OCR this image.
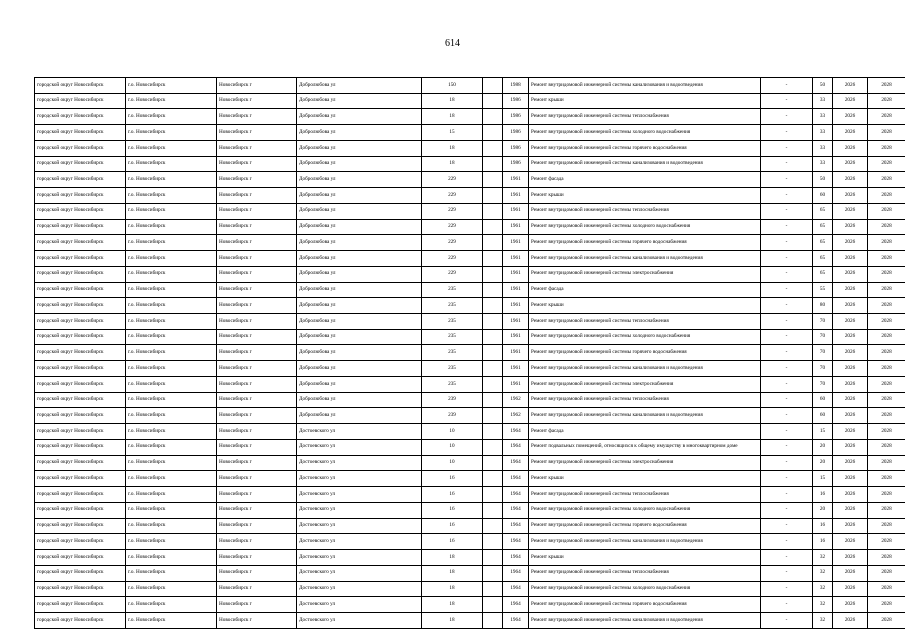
614
городской округ Новосибирск	г.о. Новосибирск	Новосибирск г	Добролюбова ул	150		1988	Ремонт внутридомовой инженерной системы канализования и водоотведения	-	50	2026	2028
городской округ Новосибирск	г.о. Новосибирск	Новосибирск г	Добролюбова ул	18		1986	Ремонт крыши	-	33	2026	2028
городской округ Новосибирск	г.о. Новосибирск	Новосибирск г	Добролюбова ул	18		1986	Ремонт внутридомовой инженерной системы теплоснабжения	-	33	2026	2028
городской округ Новосибирск	г.о. Новосибирск	Новосибирск г	Добролюбова ул	15		1986	Ремонт внутридомовой инженерной системы холодного водоснабжения	-	33	2026	2028
городской округ Новосибирск	г.о. Новосибирск	Новосибирск г	Добролюбова ул	18		1986	Ремонт внутридомовой инженерной системы горячего водоснабжения	-	33	2026	2028
городской округ Новосибирск	г.о. Новосибирск	Новосибирск г	Добролюбова ул	18		1986	Ремонт внутридомовой инженерной системы канализования и водоотведения	-	33	2026	2028
городской округ Новосибирск	г.о. Новосибирск	Новосибирск г	Добролюбова ул	229		1961	Ремонт фасада	-	50	2026	2028
городской округ Новосибирск	г.о. Новосибирск	Новосибирск г	Добролюбова ул	229		1961	Ремонт крыши	-	60	2026	2028
городской округ Новосибирск	г.о. Новосибирск	Новосибирск г	Добролюбова ул	229		1961	Ремонт внутридомовой инженерной системы теплоснабжения	-	65	2026	2028
городской округ Новосибирск	г.о. Новосибирск	Новосибирск г	Добролюбова ул	229		1961	Ремонт внутридомовой инженерной системы холодного водоснабжения	-	65	2026	2028
городской округ Новосибирск	г.о. Новосибирск	Новосибирск г	Добролюбова ул	229		1961	Ремонт внутридомовой инженерной системы горячего водоснабжения	-	65	2026	2028
городской округ Новосибирск	г.о. Новосибирск	Новосибирск г	Добролюбова ул	229		1961	Ремонт внутридомовой инженерной системы канализования и водоотведения	-	65	2026	2028
городской округ Новосибирск	г.о. Новосибирск	Новосибирск г	Добролюбова ул	229		1961	Ремонт внутридомовой инженерной системы электроснабжения	-	65	2026	2028
городской округ Новосибирск	г.о. Новосибирск	Новосибирск г	Добролюбова ул	235		1961	Ремонт фасада	-	55	2026	2028
городской округ Новосибирск	г.о. Новосибирск	Новосибирск г	Добролюбова ул	235		1961	Ремонт крыши	-	80	2026	2028
городской округ Новосибирск	г.о. Новосибирск	Новосибирск г	Добролюбова ул	235		1961	Ремонт внутридомовой инженерной системы теплоснабжения	-	70	2026	2028
городской округ Новосибирск	г.о. Новосибирск	Новосибирск г	Добролюбова ул	235		1961	Ремонт внутридомовой инженерной системы холодного водоснабжения	-	70	2026	2028
городской округ Новосибирск	г.о. Новосибирск	Новосибирск г	Добролюбова ул	235		1961	Ремонт внутридомовой инженерной системы горячего водоснабжения	-	70	2026	2028
городской округ Новосибирск	г.о. Новосибирск	Новосибирск г	Добролюбова ул	235		1961	Ремонт внутридомовой инженерной системы канализования и водоотведения	-	70	2026	2028
городской округ Новосибирск	г.о. Новосибирск	Новосибирск г	Добролюбова ул	235		1961	Ремонт внутридомовой инженерной системы электроснабжения	-	70	2026	2028
городской округ Новосибирск	г.о. Новосибирск	Новосибирск г	Добролюбова ул	239		1962	Ремонт внутридомовой инженерной системы теплоснабжения	-	60	2026	2028
городской округ Новосибирск	г.о. Новосибирск	Новосибирск г	Добролюбова ул	239		1962	Ремонт внутридомовой инженерной системы канализования и водоотведения	-	60	2026	2028
городской округ Новосибирск	г.о. Новосибирск	Новосибирск г	Достоевского ул	10		1964	Ремонт фасада	-	15	2026	2028
городской округ Новосибирск	г.о. Новосибирск	Новосибирск г	Достоевского ул	10		1964	Ремонт подвальных помещений, относящихся к общему имуществу в многоквартирном доме	-	20	2026	2028
городской округ Новосибирск	г.о. Новосибирск	Новосибирск г	Достоевского ул	10		1964	Ремонт внутридомовой инженерной системы электроснабжения	-	20	2026	2028
городской округ Новосибирск	г.о. Новосибирск	Новосибирск г	Достоевского ул	16		1964	Ремонт крыши	-	15	2026	2028
городской округ Новосибирск	г.о. Новосибирск	Новосибирск г	Достоевского ул	16		1964	Ремонт внутридомовой инженерной системы теплоснабжения	-	16	2026	2028
городской округ Новосибирск	г.о. Новосибирск	Новосибирск г	Достоевского ул	16		1964	Ремонт внутридомовой инженерной системы холодного водоснабжения	-	20	2026	2028
городской округ Новосибирск	г.о. Новосибирск	Новосибирск г	Достоевского ул	16		1964	Ремонт внутридомовой инженерной системы горячего водоснабжения	-	16	2026	2028
городской округ Новосибирск	г.о. Новосибирск	Новосибирск г	Достоевского ул	16		1964	Ремонт внутридомовой инженерной системы канализования и водоотведения	-	16	2026	2028
городской округ Новосибирск	г.о. Новосибирск	Новосибирск г	Достоевского ул	18		1964	Ремонт крыши	-	32	2026	2028
городской округ Новосибирск	г.о. Новосибирск	Новосибирск г	Достоевского ул	18		1964	Ремонт внутридомовой инженерной системы теплоснабжения	-	32	2026	2028
городской округ Новосибирск	г.о. Новосибирск	Новосибирск г	Достоевского ул	18		1964	Ремонт внутридомовой инженерной системы холодного водоснабжения	-	32	2026	2028
городской округ Новосибирск	г.о. Новосибирск	Новосибирск г	Достоевского ул	18		1964	Ремонт внутридомовой инженерной системы горячего водоснабжения	-	32	2026	2028
городской округ Новосибирск	г.о. Новосибирск	Новосибирск г	Достоевского ул	18		1964	Ремонт внутридомовой инженерной системы канализования и водоотведения	-	32	2026	2028
